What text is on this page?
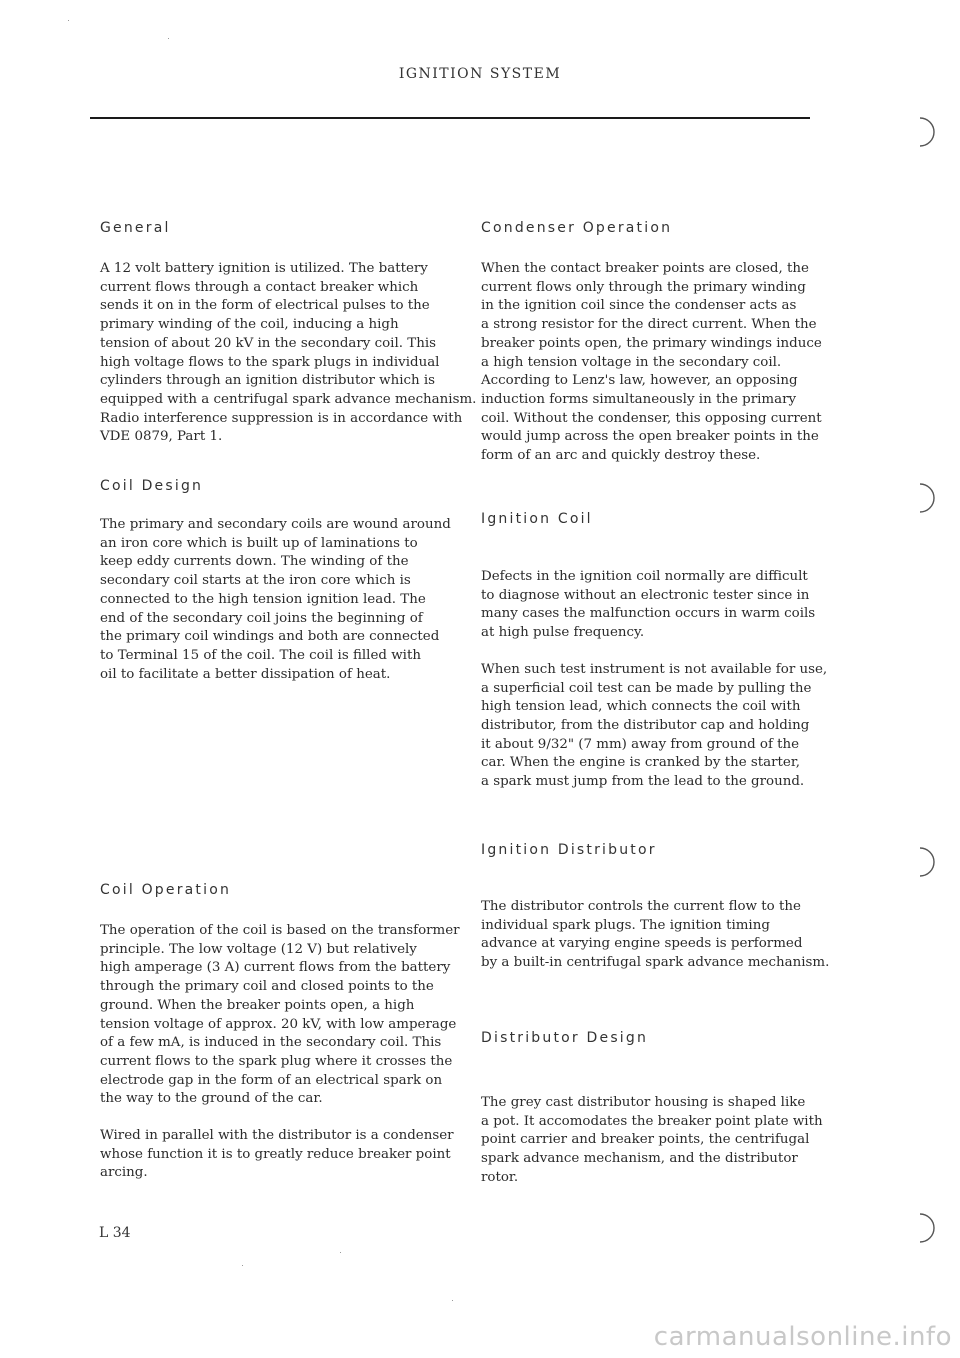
IGNITION SYSTEM
General

A 12 volt battery ignition is utilized. The battery
current flows through a contact breaker which
sends it on in the form of electrical pulses to the
primary winding of the coil, inducing a high
tension of about 20 kV in the secondary coil. This
high voltage flows to the spark plugs in individual
cylinders through an ignition distributor which is
equipped with a centrifugal spark advance mechanism.
Radio interference suppression is in accordance with
VDE 0879, Part 1.

Coil Design

The primary and secondary coils are wound around
an iron core which is built up of laminations to
keep eddy currents down. The winding of the
secondary coil starts at the iron core which is
connected to the high tension ignition lead. The
end of the secondary coil joins the beginning of
the primary coil windings and both are connected
to Terminal 15 of the coil. The coil is filled with
oil to facilitate a better dissipation of heat.

Coil Operation

The operation of the coil is based on the transformer
principle. The low voltage (12 V) but relatively
high amperage (3 A) current flows from the battery
through the primary coil and closed points to the
ground. When the breaker points open, a high
tension voltage of approx. 20 kV, with low amperage
of a few mA, is induced in the secondary coil. This
current flows to the spark plug where it crosses the
electrode gap in the form of an electrical spark on
the way to the ground of the car.

Wired in parallel with the distributor is a condenser
whose function it is to greatly reduce breaker point
arcing.

L 34
Condenser Operation

When the contact breaker points are closed, the
current flows only through the primary winding
in the ignition coil since the condenser acts as
a strong resistor for the direct current. When the
breaker points open, the primary windings induce
a high tension voltage in the secondary coil.
According to Lenz's law, however, an opposing
induction forms simultaneously in the primary
coil. Without the condenser, this opposing current
would jump across the open breaker points in the
form of an arc and quickly destroy these.

Ignition Coil

Defects in the ignition coil normally are difficult
to diagnose without an electronic tester since in
many cases the malfunction occurs in warm coils
at high pulse frequency.

When such test instrument is not available for use,
a superficial coil test can be made by pulling the
high tension lead, which connects the coil with
distributor, from the distributor cap and holding
it about 9/32" (7 mm) away from ground of the
car. When the engine is cranked by the starter,
a spark must jump from the lead to the ground.

Ignition Distributor

The distributor controls the current flow to the
individual spark plugs. The ignition timing
advance at varying engine speeds is performed
by a built-in centrifugal spark advance mechanism.

Distributor Design

The grey cast distributor housing is shaped like
a pot. It accomodates the breaker point plate with
point carrier and breaker points, the centrifugal
spark advance mechanism, and the distributor
rotor.

carmanualsonline.info
